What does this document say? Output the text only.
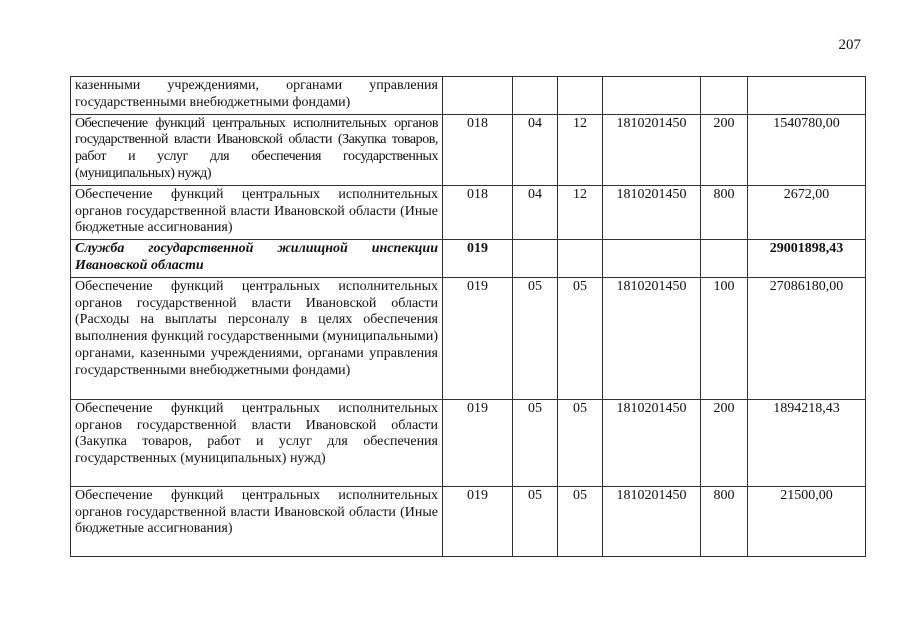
207
казенными учреждениями, органами управления государственными внебюджетными фондами)						
Обеспечение функций центральных исполнительных органов государственной власти Ивановской области (Закупка товаров, работ и услуг для обеспечения государственных (муниципальных) нужд)	018	04	12	1810201450	200	1540780,00
Обеспечение функций центральных исполнительных органов государственной власти Ивановской области (Иные бюджетные ассигнования)	018	04	12	1810201450	800	2672,00
Служба государственной жилищной инспекции Ивановской области	019					29001898,43
Обеспечение функций центральных исполнительных органов государственной власти Ивановской области (Расходы на выплаты персоналу в целях обеспечения выполнения функций государственными (муниципальными) органами, казенными учреждениями, органами управления государственными внебюджетными фондами)	019	05	05	1810201450	100	27086180,00
Обеспечение функций центральных исполнительных органов государственной власти Ивановской области (Закупка товаров, работ и услуг для обеспечения государственных (муниципальных) нужд)	019	05	05	1810201450	200	1894218,43
Обеспечение функций центральных исполнительных органов государственной власти Ивановской области (Иные бюджетные ассигнования)	019	05	05	1810201450	800	21500,00
